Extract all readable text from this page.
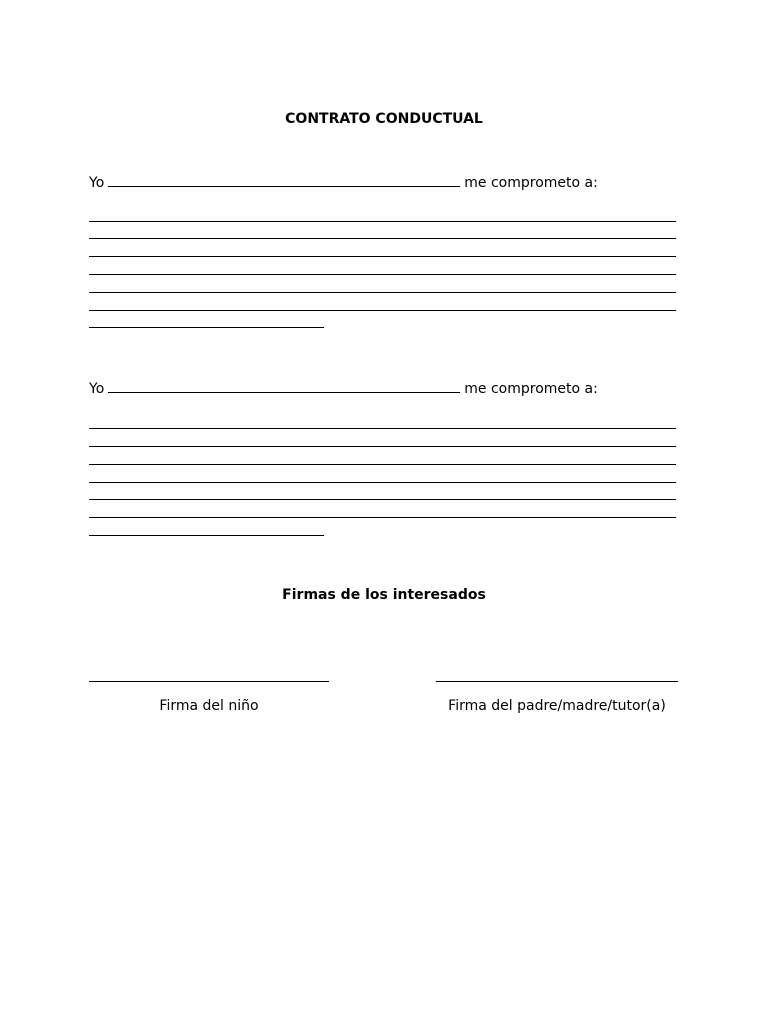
CONTRATO CONDUCTUAL
Yo	me comprometo a:
Yo	me comprometo a:
Firmas de los interesados
Firma del niño	Firma del padre/madre/tutor(a)
